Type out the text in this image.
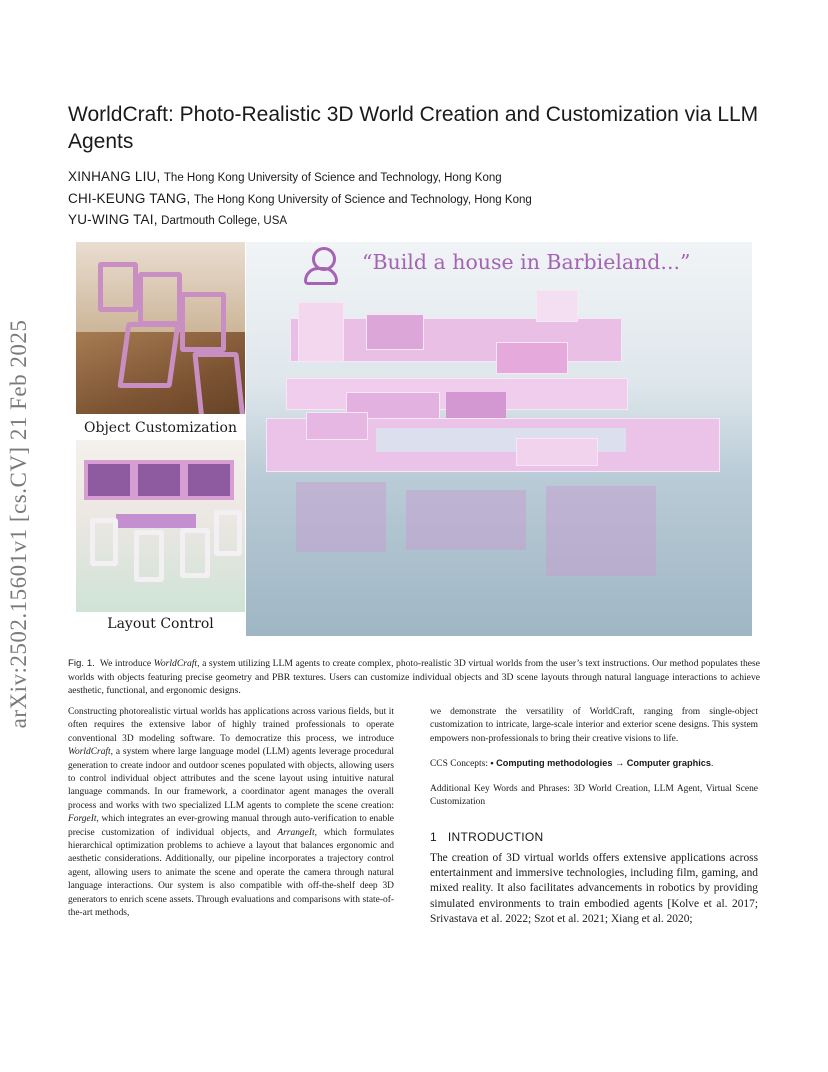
arXiv:2502.15601v1 [cs.CV] 21 Feb 2025
WorldCraft: Photo-Realistic 3D World Creation and Customization via LLM Agents
XINHANG LIU, The Hong Kong University of Science and Technology, Hong Kong
CHI-KEUNG TANG, The Hong Kong University of Science and Technology, Hong Kong
YU-WING TAI, Dartmouth College, USA
Object Customization
Layout Control
“Build a house in Barbieland...”
Fig. 1. We introduce WorldCraft, a system utilizing LLM agents to create complex, photo-realistic 3D virtual worlds from the user’s text instructions. Our method populates these worlds with objects featuring precise geometry and PBR textures. Users can customize individual objects and 3D scene layouts through natural language interactions to achieve aesthetic, functional, and ergonomic designs.

Constructing photorealistic virtual worlds has applications across various fields, but it often requires the extensive labor of highly trained professionals to operate conventional 3D modeling software. To democratize this process, we introduce WorldCraft, a system where large language model (LLM) agents leverage procedural generation to create indoor and outdoor scenes populated with objects, allowing users to control individual object attributes and the scene layout using intuitive natural language commands. In our framework, a coordinator agent manages the overall process and works with two specialized LLM agents to complete the scene creation: ForgeIt, which integrates an ever-growing manual through auto-verification to enable precise customization of individual objects, and ArrangeIt, which formulates hierarchical optimization problems to achieve a layout that balances ergonomic and aesthetic considerations. Additionally, our pipeline incorporates a trajectory control agent, allowing users to animate the scene and operate the camera through natural language interactions. Our system is also compatible with off-the-shelf deep 3D generators to enrich scene assets. Through evaluations and comparisons with state-of-the-art methods,

we demonstrate the versatility of WorldCraft, ranging from single-object customization to intricate, large-scale interior and exterior scene designs. This system empowers non-professionals to bring their creative visions to life.

CCS Concepts: • Computing methodologies → Computer graphics.

Additional Key Words and Phrases: 3D World Creation, LLM Agent, Virtual Scene Customization

1 INTRODUCTION

The creation of 3D virtual worlds offers extensive applications across entertainment and immersive technologies, including film, gaming, and mixed reality. It also facilitates advancements in robotics by providing simulated environments to train embodied agents [Kolve et al. 2017; Srivastava et al. 2022; Szot et al. 2021; Xiang et al. 2020;
